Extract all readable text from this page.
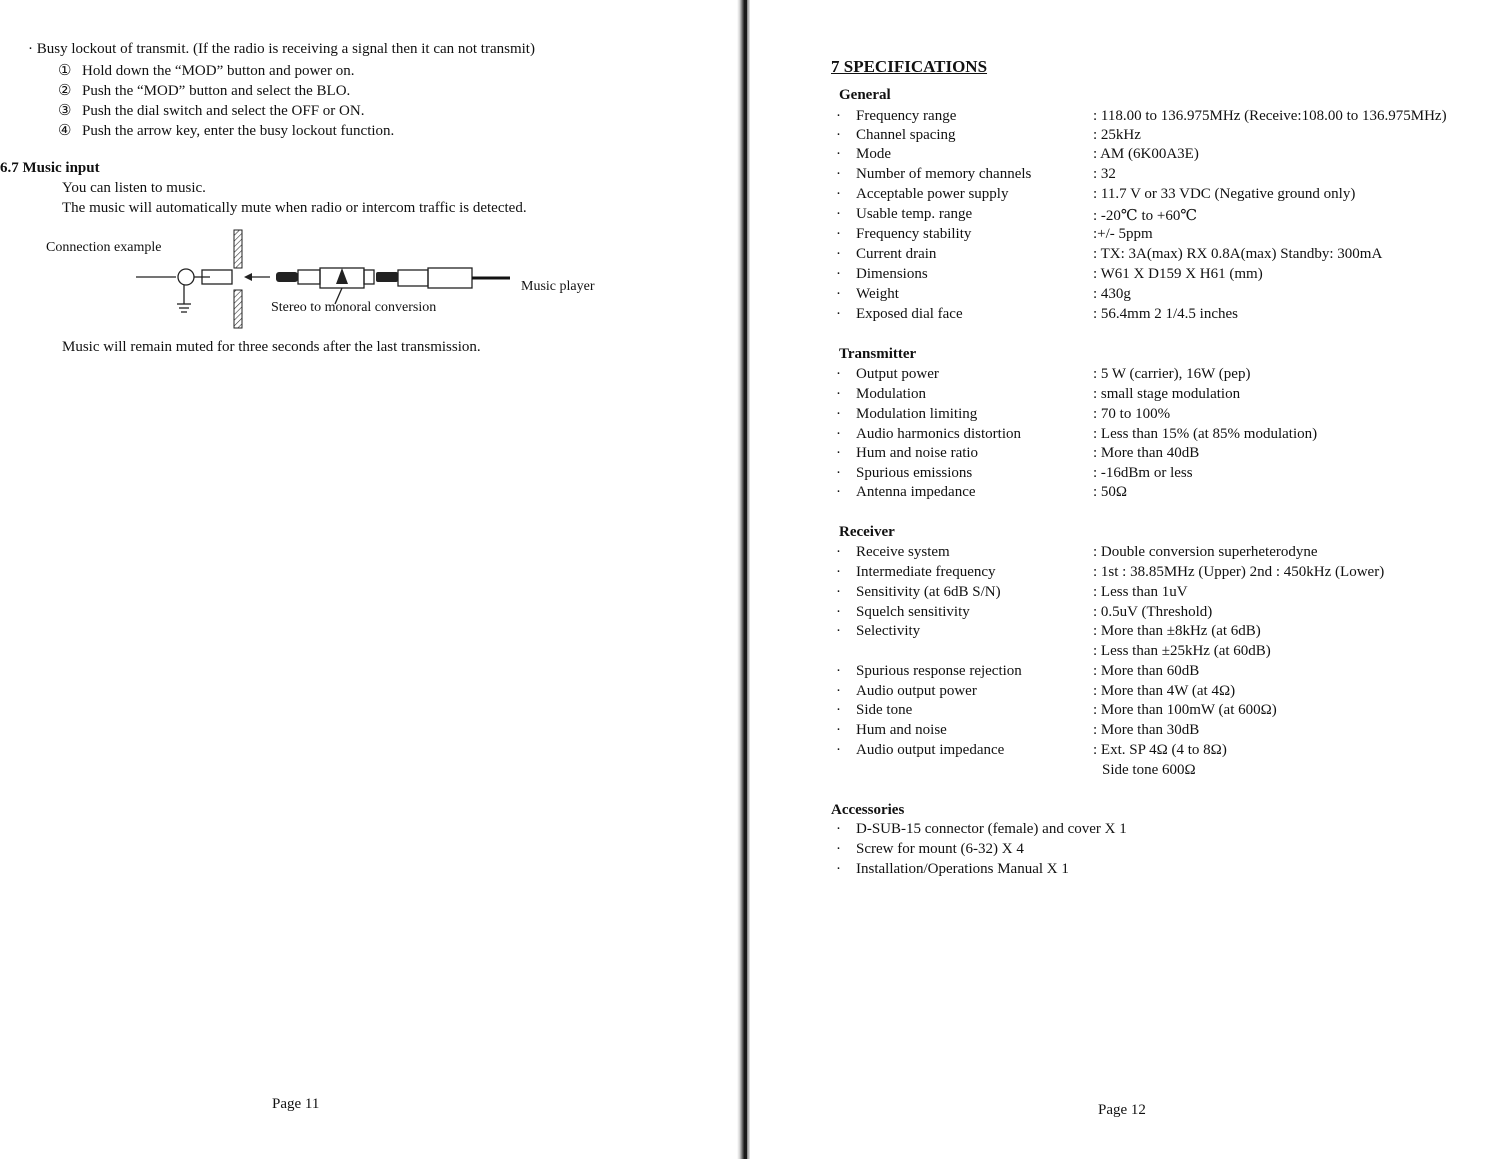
· Busy lockout of transmit. (If the radio is receiving a signal then it can not transmit)
① Hold down the “MOD” button and power on.
② Push the “MOD” button and select the BLO.
③ Push the dial switch and select the OFF or ON.
④ Push the arrow key, enter the busy lockout function.
6.7 Music input
You can listen to music.
The music will automatically mute when radio or intercom traffic is detected.
Connection example
Stereo to monoral conversion
Music player
Music will remain muted for three seconds after the last transmission.
Page 11
7 SPECIFICATIONS
General
· Frequency range	: 118.00 to 136.975MHz (Receive:108.00 to 136.975MHz)
· Channel spacing	: 25kHz
· Mode	: AM (6K00A3E)
· Number of memory channels	: 32
· Acceptable power supply	: 11.7 V or 33 VDC (Negative ground only)
· Usable temp. range	: -20℃ to +60℃
· Frequency stability	:+/- 5ppm
· Current drain	: TX: 3A(max) RX 0.8A(max) Standby: 300mA
· Dimensions	: W61 X D159 X H61 (mm)
· Weight	: 430g
· Exposed dial face	: 56.4mm 2 1/4.5 inches
Transmitter
· Output power	: 5 W (carrier), 16W (pep)
· Modulation	: small stage modulation
· Modulation limiting	: 70 to 100%
· Audio harmonics distortion	: Less than 15% (at 85% modulation)
· Hum and noise ratio	: More than 40dB
· Spurious emissions	: -16dBm or less
· Antenna impedance	: 50Ω
Receiver
· Receive system	: Double conversion superheterodyne
· Intermediate frequency	: 1st : 38.85MHz (Upper) 2nd : 450kHz (Lower)
· Sensitivity (at 6dB S/N)	: Less than 1uV
· Squelch sensitivity	: 0.5uV (Threshold)
· Selectivity	: More than ±8kHz (at 6dB)
: Less than ±25kHz (at 60dB)
· Spurious response rejection	: More than 60dB
· Audio output power	: More than 4W (at 4Ω)
· Side tone	: More than 100mW (at 600Ω)
· Hum and noise	: More than 30dB
· Audio output impedance	: Ext. SP 4Ω (4 to 8Ω)
Side tone 600Ω
Accessories
· D-SUB-15 connector (female) and cover X 1
· Screw for mount (6-32) X 4
· Installation/Operations Manual X 1
Page 12
